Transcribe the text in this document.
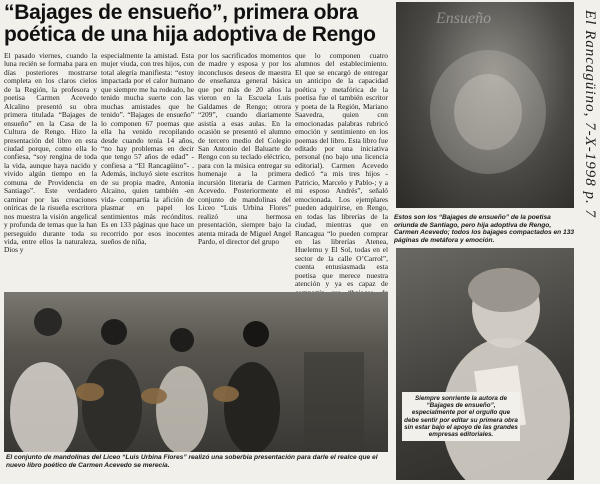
“Bajages de ensueño”, primera obra
poética de una hija adoptiva de Rengo

El pasado viernes, cuando la luna recién se formaba para en días posteriores mostrarse completa en los claros cielos de la Región, la profesora y poetisa Carmen Acevedo Alcalino presentó su obra primera titulada “Bajages de ensueño” en la Casa de la Cultura de Rengo. Hizo la presentación del libro en esta ciudad porque, como ella lo confiesa, “soy rengina de toda la vida, aunque haya nacido y vivido algún tiempo en la comuna de Providencia en Santiago”. Este verdadero caminar por las creaciones oníricas de la risueña escritora nos muestra la visión angelical y profunda de temas que la han perseguido durante toda su vida, entre ellos la naturaleza, Dios y

especialmente la amistad. Esta mujer viuda, con tres hijos, con total alegría manifiesta: “estoy impactada por el calor humano que siempre me ha rodeado, he tenido mucha suerte con las muchas amistades que he tenido”. “Bajages de ensueño” lo componen 67 poemas que ella ha venido recopilando desde cuando tenía 14 años, “no hay problemas en decir que tengo 57 años de edad” -confiesa a “El Rancagüino”- . Además, incluyó siete escritos de su propia madre, Antonia Alcaino, quien también -en vida- compartía la afición de plasmar en papel los sentimientos más recónditos. Es en 133 páginas que hace un recorrido por esos inocentes sueños de niña,

por los sacrificados momentos de madre y esposa y por los inconclusos deseos de maestra de enseñanza general básica que por más de 20 años la vieron en la Escuela Luis Galdames de Rengo; otrora “209”, cuando diariamente asistía a esas aulas. En la ocasión se presentó el alumno de tercero medio del Colegio San Antonio del Baluarte de Rengo con su teclado eléctrico, para con la música entregar su homenaje a la primera incursión literaria de Carmen Acevedo. Posteriormente el conjunto de mandolinas del Liceo “Luis Urbina Flores” realizó una hermosa presentación, siempre bajo la atenta mirada de Miguel Angel Pardo, el director del grupo

que lo componen cuatro alumnos del establecimiento. El que se encargó de entregar un anticipo de la capacidad poética y metafórica de la poetisa fue el también escritor y poeta de la Región, Mariano Saavedra, quien con emocionadas palabras rubricó emoción y sentimiento en los poemas del libro. Esta libro fue editado por una iniciativa personal (no bajo una licencia editorial). Carmen Acevedo dedicó “a mis tres hijos -Patricio, Marcelo y Pablo-; y a mi esposo Andrés”, señaló emocionada. Los ejemplares pueden adquirirse, en Rengo, en todas las librerías de la ciudad, mientras que en Rancagua “lo pueden comprar en las librerías Atenea, Huelemu y El Sol, todas en el sector de la calle O’Carrol”, cuenta entusiasmada esta poetisa que merece nuestra atención y ya es capaz de

El conjunto de mandolinas del Liceo “Luis Urbina Flores” realizó una soberbia presentación para darle el realce que el nuevo libro poético de Carmen Acevedo se merecía.
Ensueño
Estos son los “Bajages de ensueño” de la poetisa oriunda de Santiago, pero hija adoptiva de Rengo, Carmen Acevedo; todos los bajages compactados en 133 páginas de metáfora y emoción.
Siempre sonriente la autora de “Bajages de ensueño”, especialmente por el orgullo que debe sentir por editar su primera obra sin estar bajo el apoyo de las grandes empresas editoriales.
El Rancagüino, 7-X-1998 p. 7
